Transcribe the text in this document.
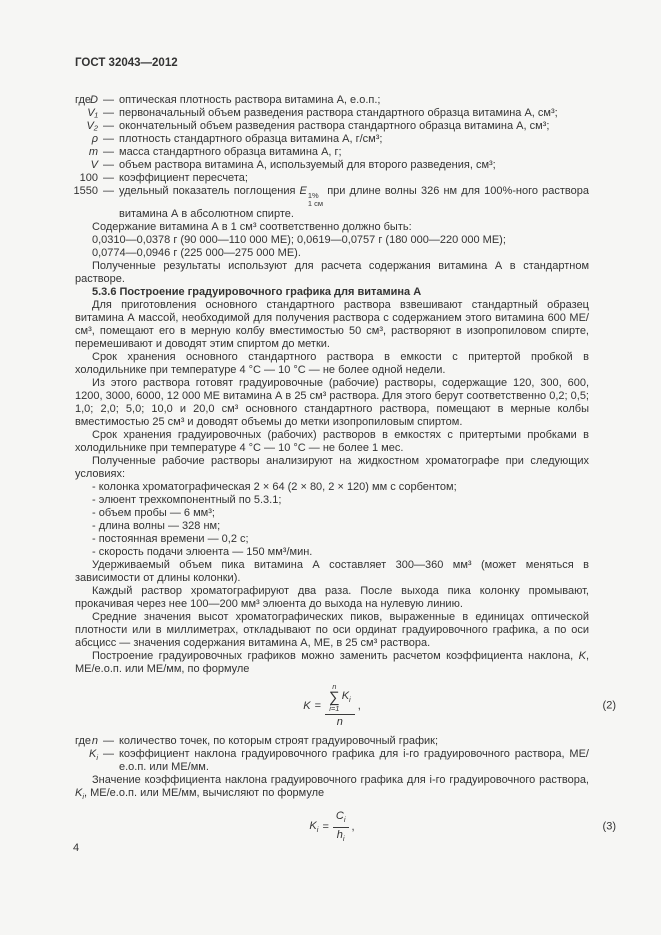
ГОСТ 32043—2012
где
D — оптическая плотность раствора витамина А, е.о.п.;
V₁ — первоначальный объем разведения раствора стандартного образца витамина А, см³;
V₂ — окончательный объем разведения раствора стандартного образца витамина А, см³;
ρ — плотность стандартного образца витамина А, г/см³;
m — масса стандартного образца витамина А, г;
V — объем раствора витамина А, используемый для второго разведения, см³;
100 — коэффициент пересчета;
1550 — удельный показатель поглощения E 1%
1 см
при длине волны 326 нм для 100%-ного раствора витамина А в абсолютном спирте.

Содержание витамина А в 1 см³ соответственно должно быть:

0,0310—0,0378 г (90 000—110 000 МЕ); 0,0619—0,0757 г (180 000—220 000 МЕ);

0,0774—0,0946 г (225 000—275 000 МЕ).

Полученные результаты используют для расчета содержания витамина А в стандартном растворе.

5.3.6 Построение градуировочного графика для витамина А

Для приготовления основного стандартного раствора взвешивают стандартный образец витамина А массой, необходимой для получения раствора с содержанием этого витамина 600 МЕ/см³, помещают его в мерную колбу вместимостью 50 см³, растворяют в изопропиловом спирте, перемешивают и доводят этим спиртом до метки.

Срок хранения основного стандартного раствора в емкости с притертой пробкой в холодильнике при температуре 4 °С — 10 °С — не более одной недели.

Из этого раствора готовят градуировочные (рабочие) растворы, содержащие 120, 300, 600, 1200, 3000, 6000, 12 000 МЕ витамина А в 25 см³ раствора. Для этого берут соответственно 0,2; 0,5; 1,0; 2,0; 5,0; 10,0 и 20,0 см³ основного стандартного раствора, помещают в мерные колбы вместимостью 25 см³ и доводят объемы до метки изопропиловым спиртом.

Срок хранения градуировочных (рабочих) растворов в емкостях с притертыми пробками в холодильнике при температуре 4 °С — 10 °С — не более 1 мес.

Полученные рабочие растворы анализируют на жидкостном хроматографе при следующих условиях:

- колонка хроматографическая 2 × 64 (2 × 80, 2 × 120) мм с сорбентом;

- элюент трехкомпонентный по 5.3.1;

- объем пробы — 6 мм³;

- длина волны — 328 нм;

- постоянная времени — 0,2 с;

- скорость подачи элюента — 150 мм³/мин.

Удерживаемый объем пика витамина А составляет 300—360 мм³ (может меняться в зависимости от длины колонки).

Каждый раствор хроматографируют два раза. После выхода пика колонку промывают, прокачивая через нее 100—200 мм³ элюента до выхода на нулевую линию.

Средние значения высот хроматографических пиков, выраженные в единицах оптической плотности или в миллиметрах, откладывают по оси ординат градуировочного графика, а по оси абсцисс — значения содержания витамина А, МЕ, в 25 см³ раствора.

Построение градуировочных графиков можно заменить расчетом коэффициента наклона, K, МЕ/е.о.п. или МЕ/мм, по формуле

K =
n
∑
i=1
$K_i$
n
,	(2)
где n — количество точек, по которым строят градуировочный график;
$K_i$ — коэффициент наклона градуировочного графика для i-го градуировочного раствора, МЕ/е.о.п. или МЕ/мм.

Значение коэффициента наклона градуировочного графика для i-го градуировочного раствора, $K_i$, МЕ/е.о.п. или МЕ/мм, вычисляют по формуле

$K_i = \frac{C_i}{h_i}$ ,	(3)
4
